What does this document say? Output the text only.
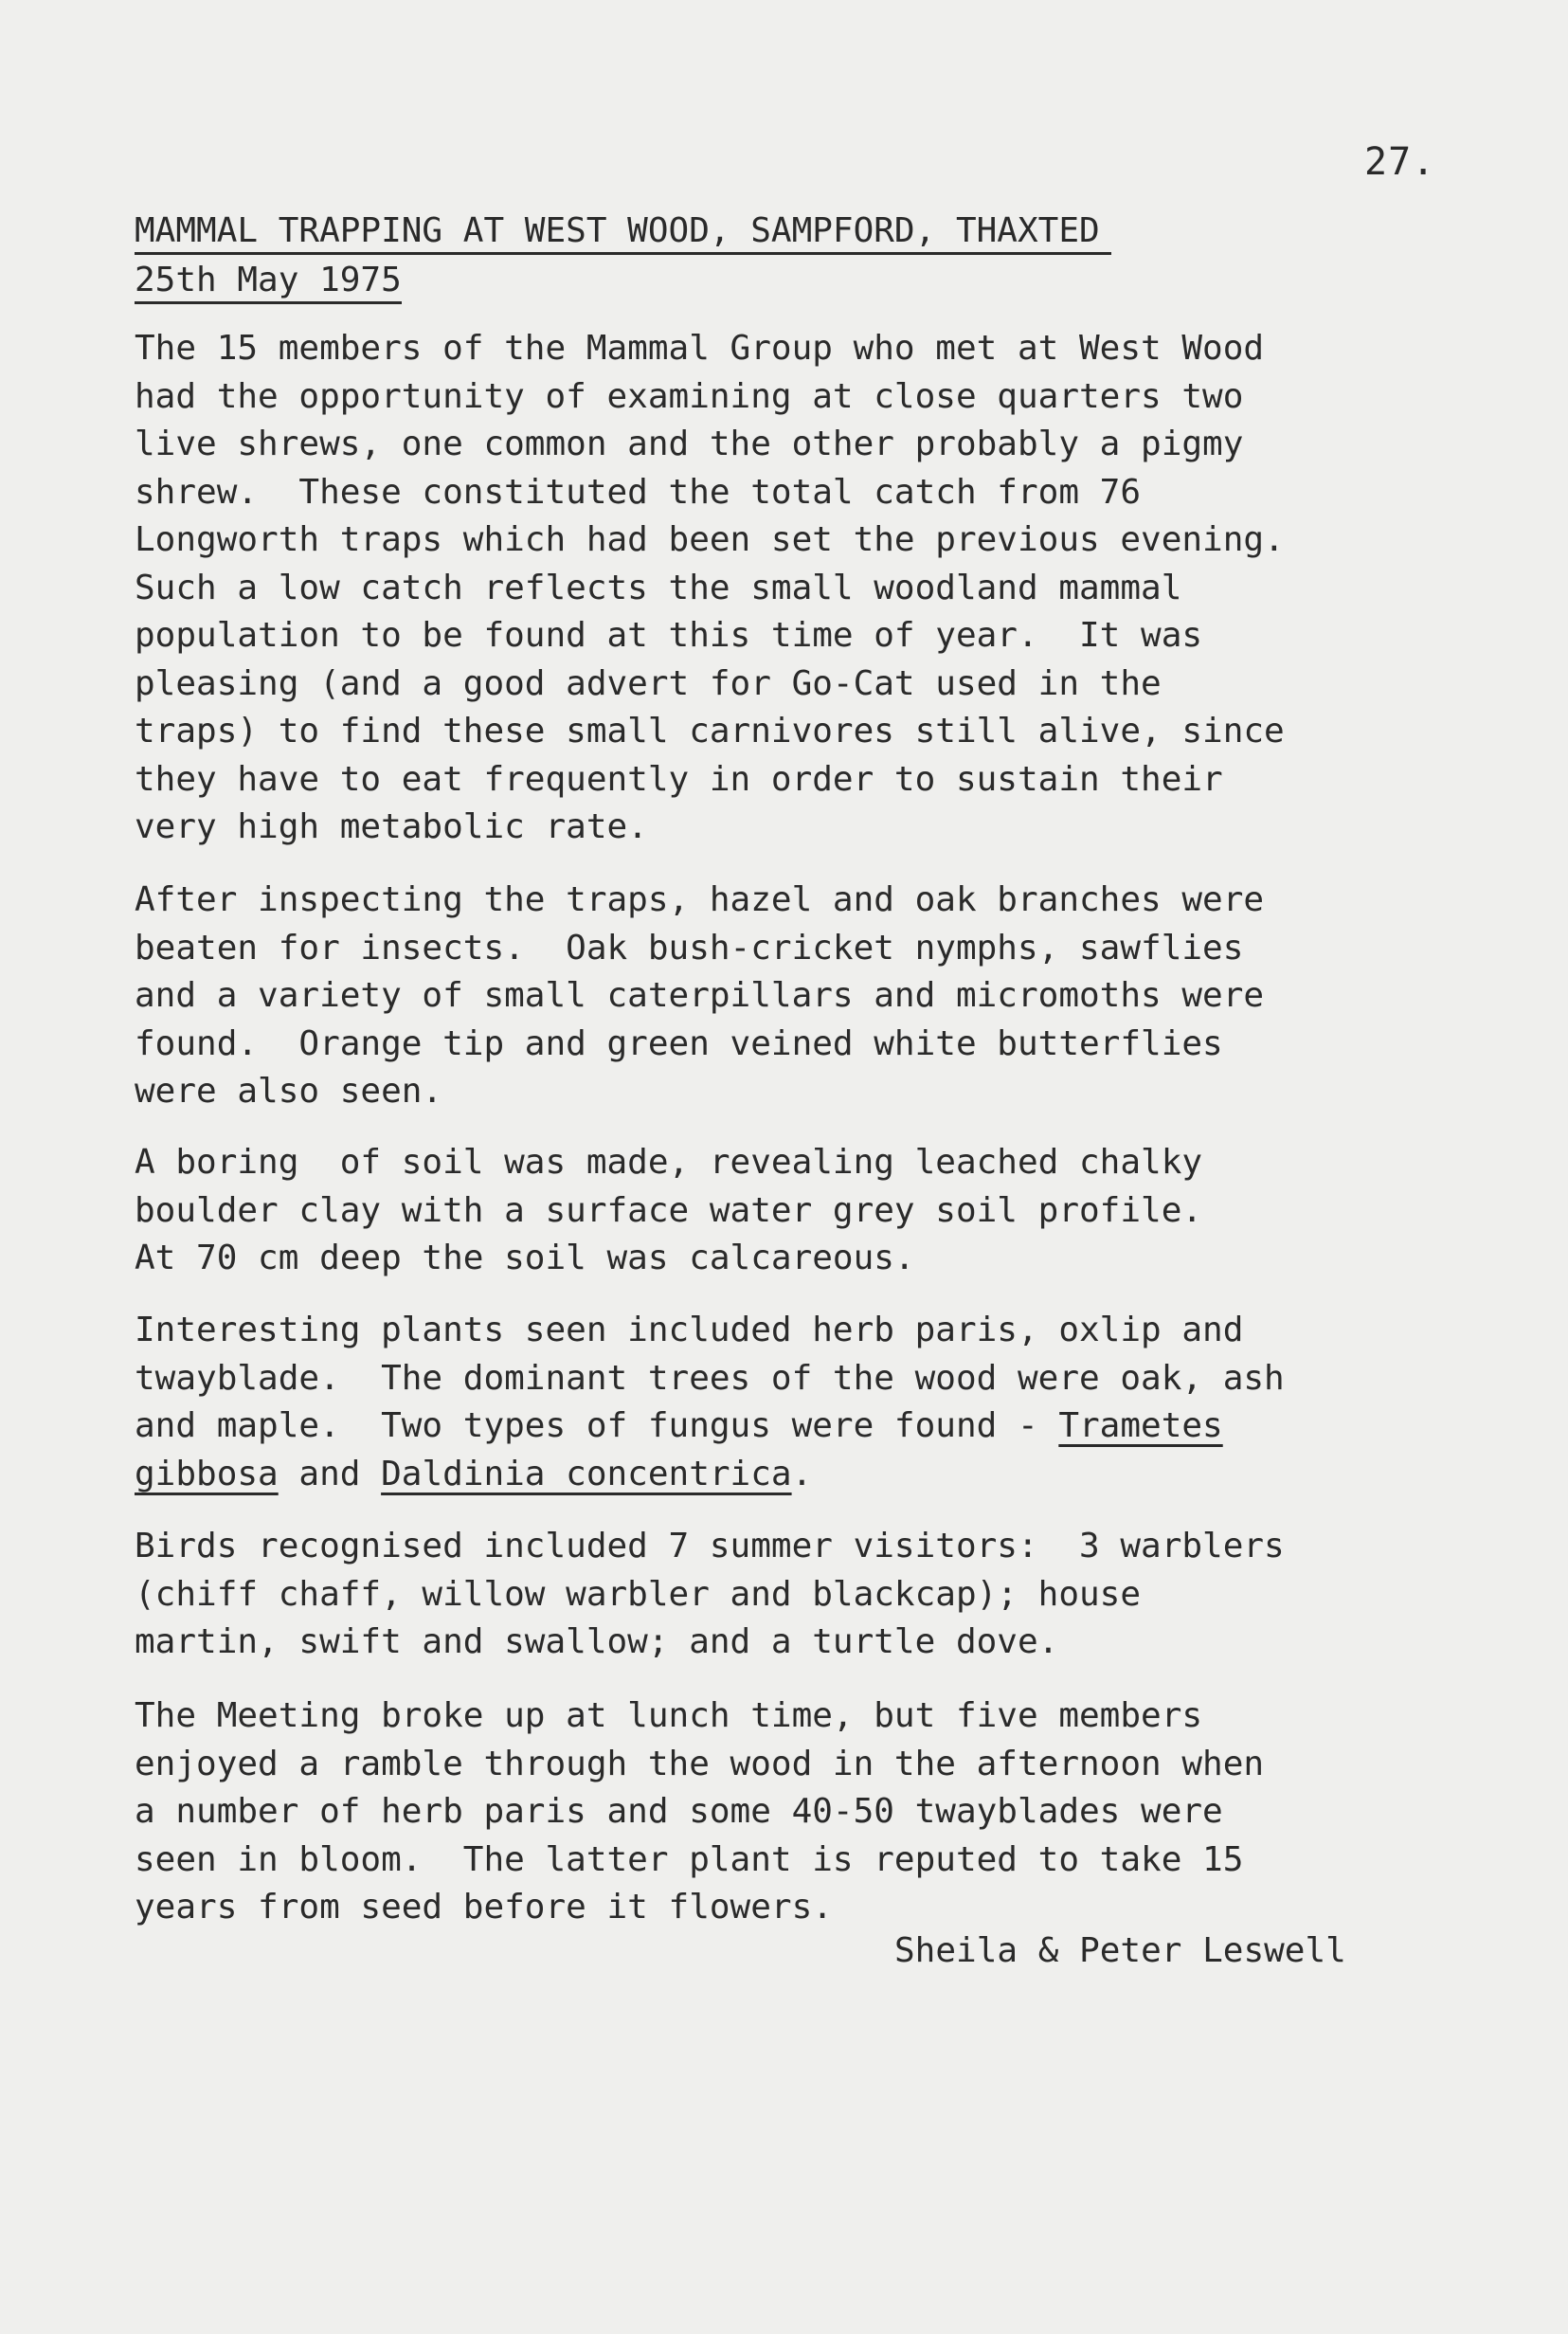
27.
MAMMAL TRAPPING AT WEST WOOD, SAMPFORD, THAXTED
25th May 1975
The 15 members of the Mammal Group who met at West Wood
had the opportunity of examining at close quarters two
live shrews, one common and the other probably a pigmy
shrew.  These constituted the total catch from 76
Longworth traps which had been set the previous evening.
Such a low catch reflects the small woodland mammal
population to be found at this time of year.  It was
pleasing (and a good advert for Go-Cat used in the
traps) to find these small carnivores still alive, since
they have to eat frequently in order to sustain their
very high metabolic rate.
After inspecting the traps, hazel and oak branches were
beaten for insects.  Oak bush-cricket nymphs, sawflies
and a variety of small caterpillars and micromoths were
found.  Orange tip and green veined white butterflies
were also seen.
A boring  of soil was made, revealing leached chalky
boulder clay with a surface water grey soil profile.
At 70 cm deep the soil was calcareous.
Interesting plants seen included herb paris, oxlip and
twayblade.  The dominant trees of the wood were oak, ash
and maple.  Two types of fungus were found - Trametes
gibbosa and Daldinia concentrica.
Birds recognised included 7 summer visitors:  3 warblers
(chiff chaff, willow warbler and blackcap); house
martin, swift and swallow; and a turtle dove.
The Meeting broke up at lunch time, but five members
enjoyed a ramble through the wood in the afternoon when
a number of herb paris and some 40-50 twayblades were
seen in bloom.  The latter plant is reputed to take 15
years from seed before it flowers.
Sheila & Peter Leswell
